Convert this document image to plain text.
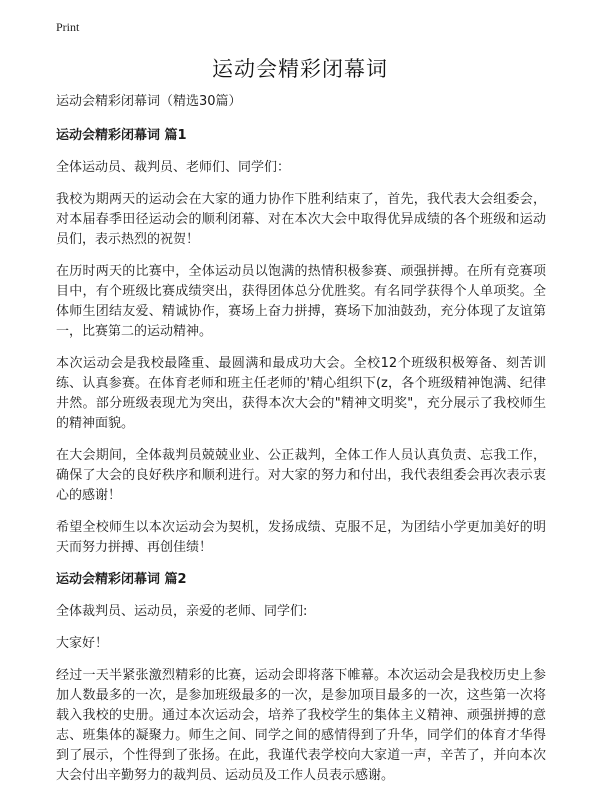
Print
运动会精彩闭幕词

运动会精彩闭幕词（精选30篇）

运动会精彩闭幕词 篇1

全体运动员、裁判员、老师们、同学们：

我校为期两天的运动会在大家的通力协作下胜利结束了，首先，我代表大会组委会，对本届春季田径运动会的顺利闭幕、对在本次大会中取得优异成绩的各个班级和运动员们，表示热烈的祝贺！

在历时两天的比赛中，全体运动员以饱满的热情积极参赛、顽强拼搏。在所有竞赛项目中，有个班级比赛成绩突出，获得团体总分优胜奖。有名同学获得个人单项奖。全体师生团结友爱、精诚协作，赛场上奋力拼搏，赛场下加油鼓劲，充分体现了友谊第一，比赛第二的运动精神。

本次运动会是我校最隆重、最圆满和最成功大会。全校12个班级积极筹备、刻苦训练、认真参赛。在体育老师和班主任老师的'精心组织下(z，各个班级精神饱满、纪律井然。部分班级表现尤为突出，获得本次大会的"精神文明奖"，充分展示了我校师生的精神面貌。

在大会期间，全体裁判员兢兢业业、公正裁判，全体工作人员认真负责、忘我工作，确保了大会的良好秩序和顺利进行。对大家的努力和付出，我代表组委会再次表示衷心的感谢！

希望全校师生以本次运动会为契机，发扬成绩、克服不足，为团结小学更加美好的明天而努力拼搏、再创佳绩！

运动会精彩闭幕词 篇2

全体裁判员、运动员，亲爱的老师、同学们:

大家好！

经过一天半紧张激烈精彩的比赛，运动会即将落下帷幕。本次运动会是我校历史上参加人数最多的一次，是参加班级最多的一次，是参加项目最多的一次，这些第一次将载入我校的史册。通过本次运动会，培养了我校学生的集体主义精神、顽强拼搏的意志、班集体的凝聚力。师生之间、同学之间的感情得到了升华，同学们的体育才华得到了展示，个性得到了张扬。在此，我谨代表学校向大家道一声，辛苦了，并向本次大会付出辛勤努力的裁判员、运动员及工作人员表示感谢。
